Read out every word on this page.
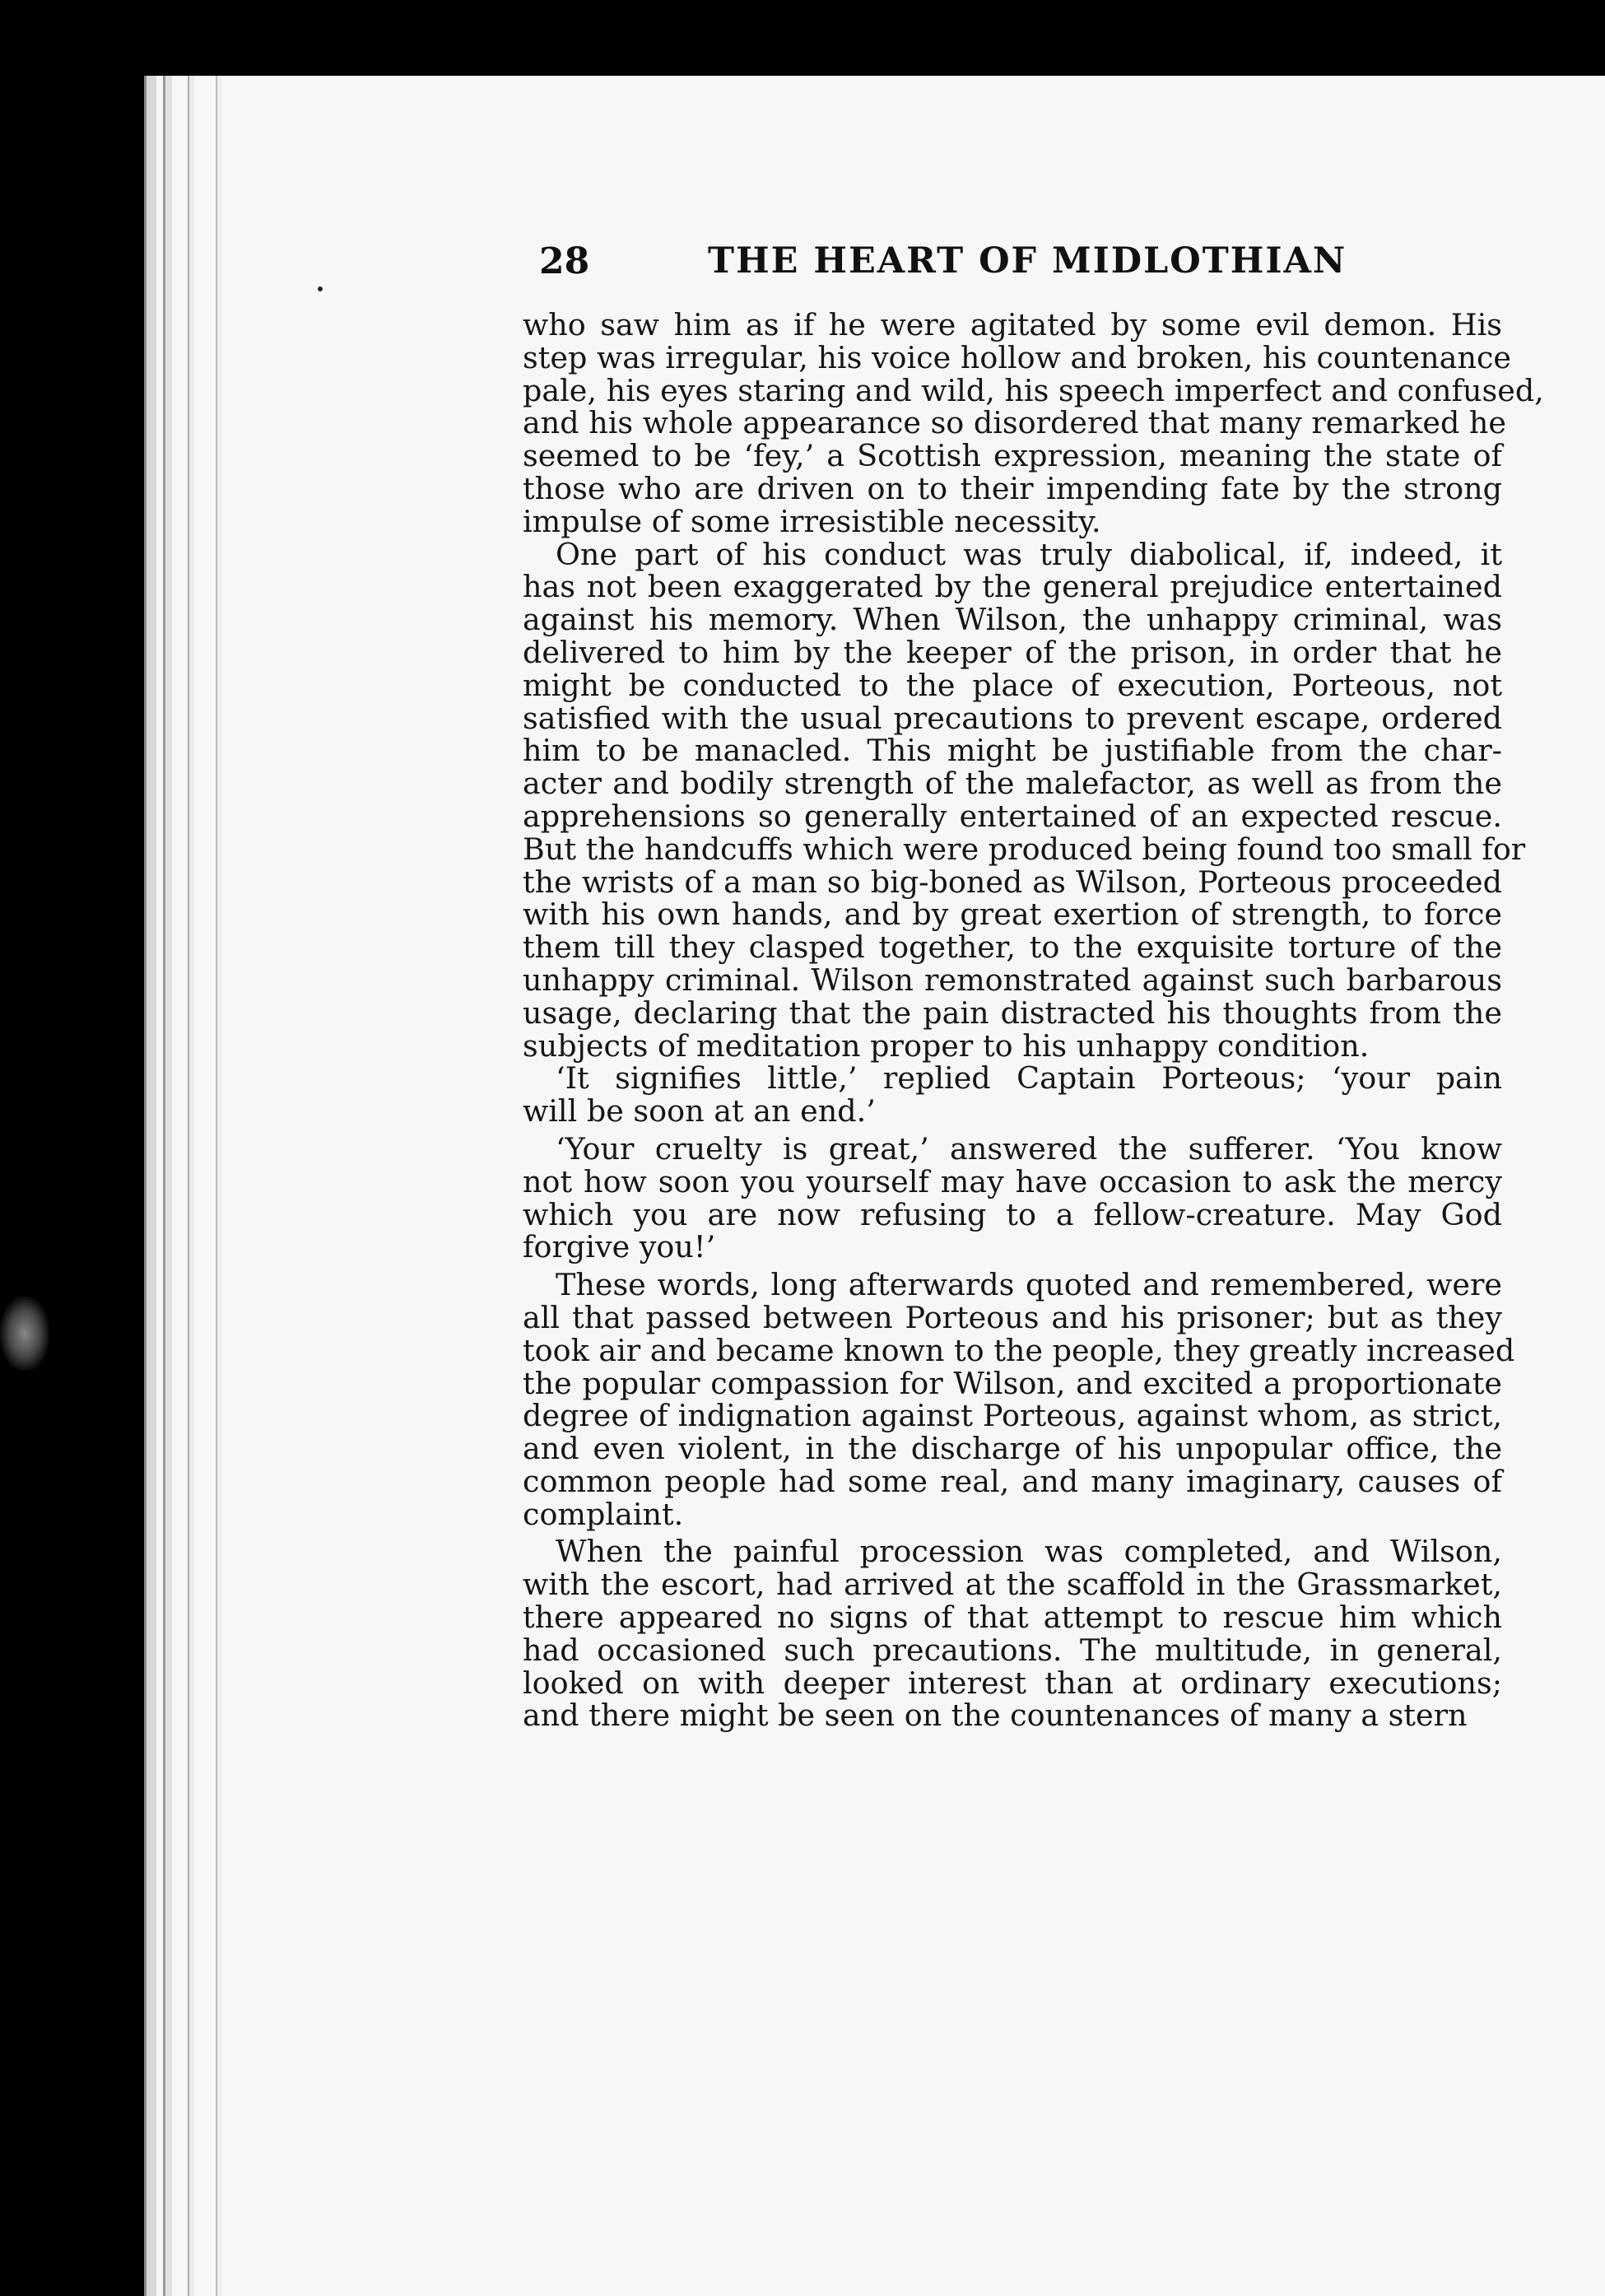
28	THE HEART OF MIDLOTHIAN
who saw him as if he were agitated by some evil demon. His
step was irregular, his voice hollow and broken, his countenance
pale, his eyes staring and wild, his speech imperfect and confused,
and his whole appearance so disordered that many remarked he
seemed to be ‘fey,’ a Scottish expression, meaning the state of
those who are driven on to their impending fate by the strong
impulse of some irresistible necessity.
One part of his conduct was truly diabolical, if, indeed, it
has not been exaggerated by the general prejudice entertained
against his memory. When Wilson, the unhappy criminal, was
delivered to him by the keeper of the prison, in order that he
might be conducted to the place of execution, Porteous, not
satisfied with the usual precautions to prevent escape, ordered
him to be manacled. This might be justifiable from the char-
acter and bodily strength of the malefactor, as well as from the
apprehensions so generally entertained of an expected rescue.
But the handcuffs which were produced being found too small for
the wrists of a man so big-boned as Wilson, Porteous proceeded
with his own hands, and by great exertion of strength, to force
them till they clasped together, to the exquisite torture of the
unhappy criminal. Wilson remonstrated against such barbarous
usage, declaring that the pain distracted his thoughts from the
subjects of meditation proper to his unhappy condition.
‘It signifies little,’ replied Captain Porteous; ‘your pain
will be soon at an end.’
‘Your cruelty is great,’ answered the sufferer. ‘You know
not how soon you yourself may have occasion to ask the mercy
which you are now refusing to a fellow-creature. May God
forgive you!’
These words, long afterwards quoted and remembered, were
all that passed between Porteous and his prisoner; but as they
took air and became known to the people, they greatly increased
the popular compassion for Wilson, and excited a proportionate
degree of indignation against Porteous, against whom, as strict,
and even violent, in the discharge of his unpopular office, the
common people had some real, and many imaginary, causes of
complaint.
When the painful procession was completed, and Wilson,
with the escort, had arrived at the scaffold in the Grassmarket,
there appeared no signs of that attempt to rescue him which
had occasioned such precautions. The multitude, in general,
looked on with deeper interest than at ordinary executions;
and there might be seen on the countenances of many a stern
